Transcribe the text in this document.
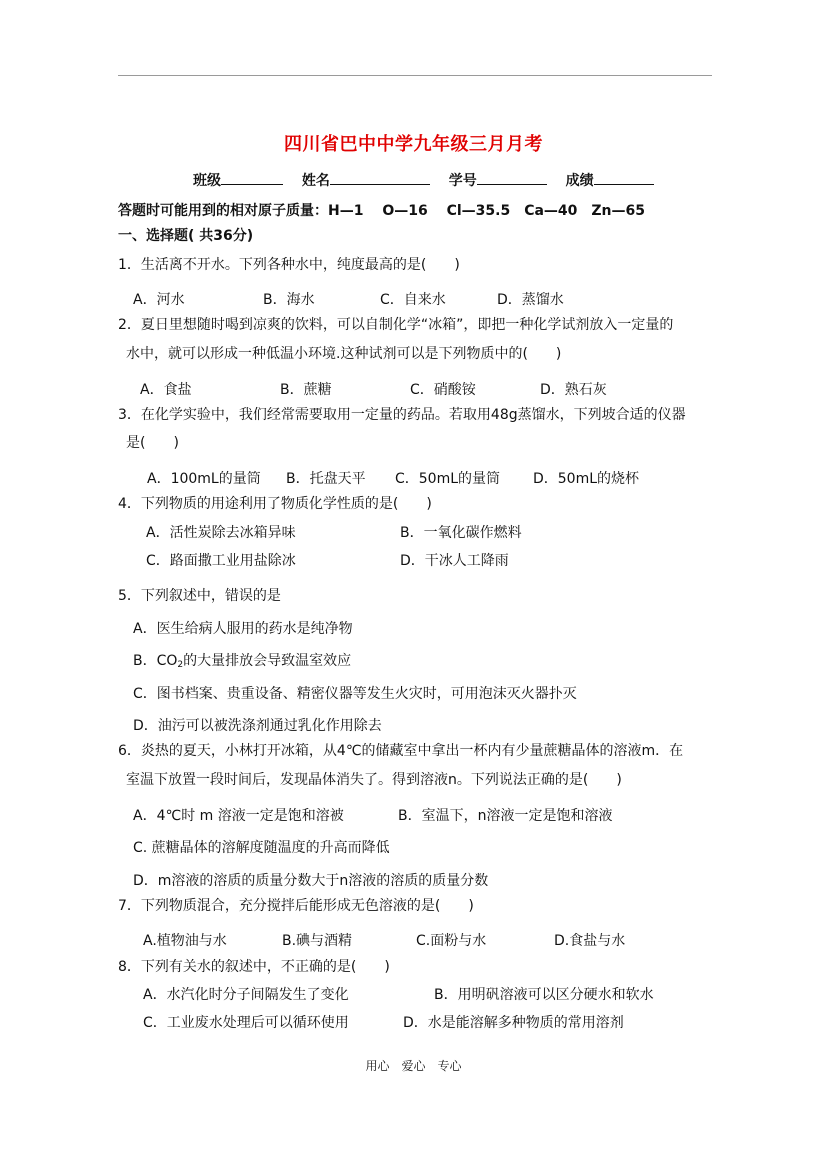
四川省巴中中学九年级三月月考
班级	姓名	学号	成绩
答题时可能用到的相对原子质量：H—1　 O—16　 Cl—35.5　Ca—40　Zn—65
一、选择题( 共36分)
1．生活离不开水。下列各种水中，纯度最高的是(　　)
A．河水	B．海水	C．自来水	D．蒸馏水
2．夏日里想随时喝到凉爽的饮料，可以自制化学“冰箱”，即把一种化学试剂放入一定量的
水中，就可以形成一种低温小环境.这种试剂可以是下列物质中的(　　)
A．食盐	B．蔗糖	C．硝酸铵	D．熟石灰
3．在化学实验中，我们经常需要取用一定量的药品。若取用48g蒸馏水，下列坡合适的仪器
是(　　)
A．100mL的量筒 B．托盘天平 C．50mL的量筒 D．50mL的烧杯
4．下列物质的用途利用了物质化学性质的是(　　)
A．活性炭除去冰箱异味	B．一氧化碳作燃料
C．路面撒工业用盐除冰	D．干冰人工降雨
5．下列叙述中，错误的是
A．医生给病人服用的药水是纯净物
B．$CO_2$的大量排放会导致温室效应
C．图书档案、贵重设备、精密仪器等发生火灾时，可用泡沫灭火器扑灭
D．油污可以被洗涤剂通过乳化作用除去
6．炎热的夏天，小林打开冰箱，从4℃的储藏室中拿出一杯内有少量蔗糖晶体的溶液m．在
室温下放置一段时间后，发现晶体消失了。得到溶液n。下列说法正确的是(　　)
A．4℃时 m 溶液一定是饱和溶被	B．室温下，n溶液一定是饱和溶液
C. 蔗糖晶体的溶解度随温度的升高而降低
D．m溶液的溶质的质量分数大于n溶液的溶质的质量分数
7．下列物质混合，充分搅拌后能形成无色溶液的是(　　)
A.植物油与水	B.碘与酒精	C.面粉与水	D.食盐与水
8．下列有关水的叙述中，不正确的是(　　)
A．水汽化时分子间隔发生了变化	B．用明矾溶液可以区分硬水和软水
C．工业废水处理后可以循环使用	D．水是能溶解多种物质的常用溶剂
用心　爱心　专心
